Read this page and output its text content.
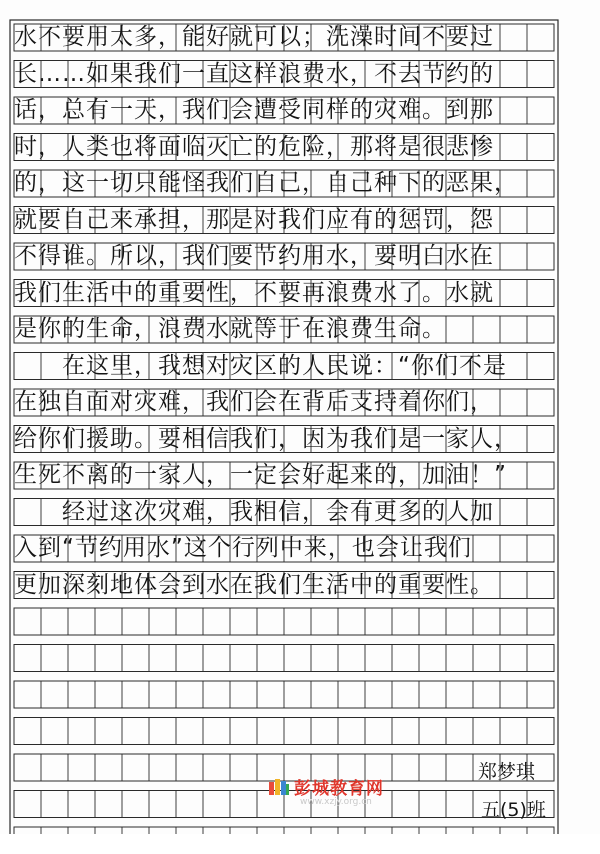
水不要用太多，能好就可以；洗澡时间不要过
长……如果我们一直这样浪费水，不去节约的
话，总有一天，我们会遭受同样的灾难。到那
时，人类也将面临灭亡的危险，那将是很悲惨
的，这一切只能怪我们自己，自己种下的恶果，
就要自己来承担，那是对我们应有的惩罚，怨
不得谁。所以，我们要节约用水，要明白水在
我们生活中的重要性，不要再浪费水了。水就
是你的生命，浪费水就等于在浪费生命。
　　在这里，我想对灾区的人民说：“你们不是
在独自面对灾难，我们会在背后支持着你们，
给你们援助。要相信我们，因为我们是一家人，
生死不离的一家人，一定会好起来的，加油！”
　　经过这次灾难，我相信，会有更多的人加
入到“节约用水”这个行列中来，也会让我们
更加深刻地体会到水在我们生活中的重要性。
郑梦琪
五(5)班
彭城教育网
www.xzjy.org.cn
